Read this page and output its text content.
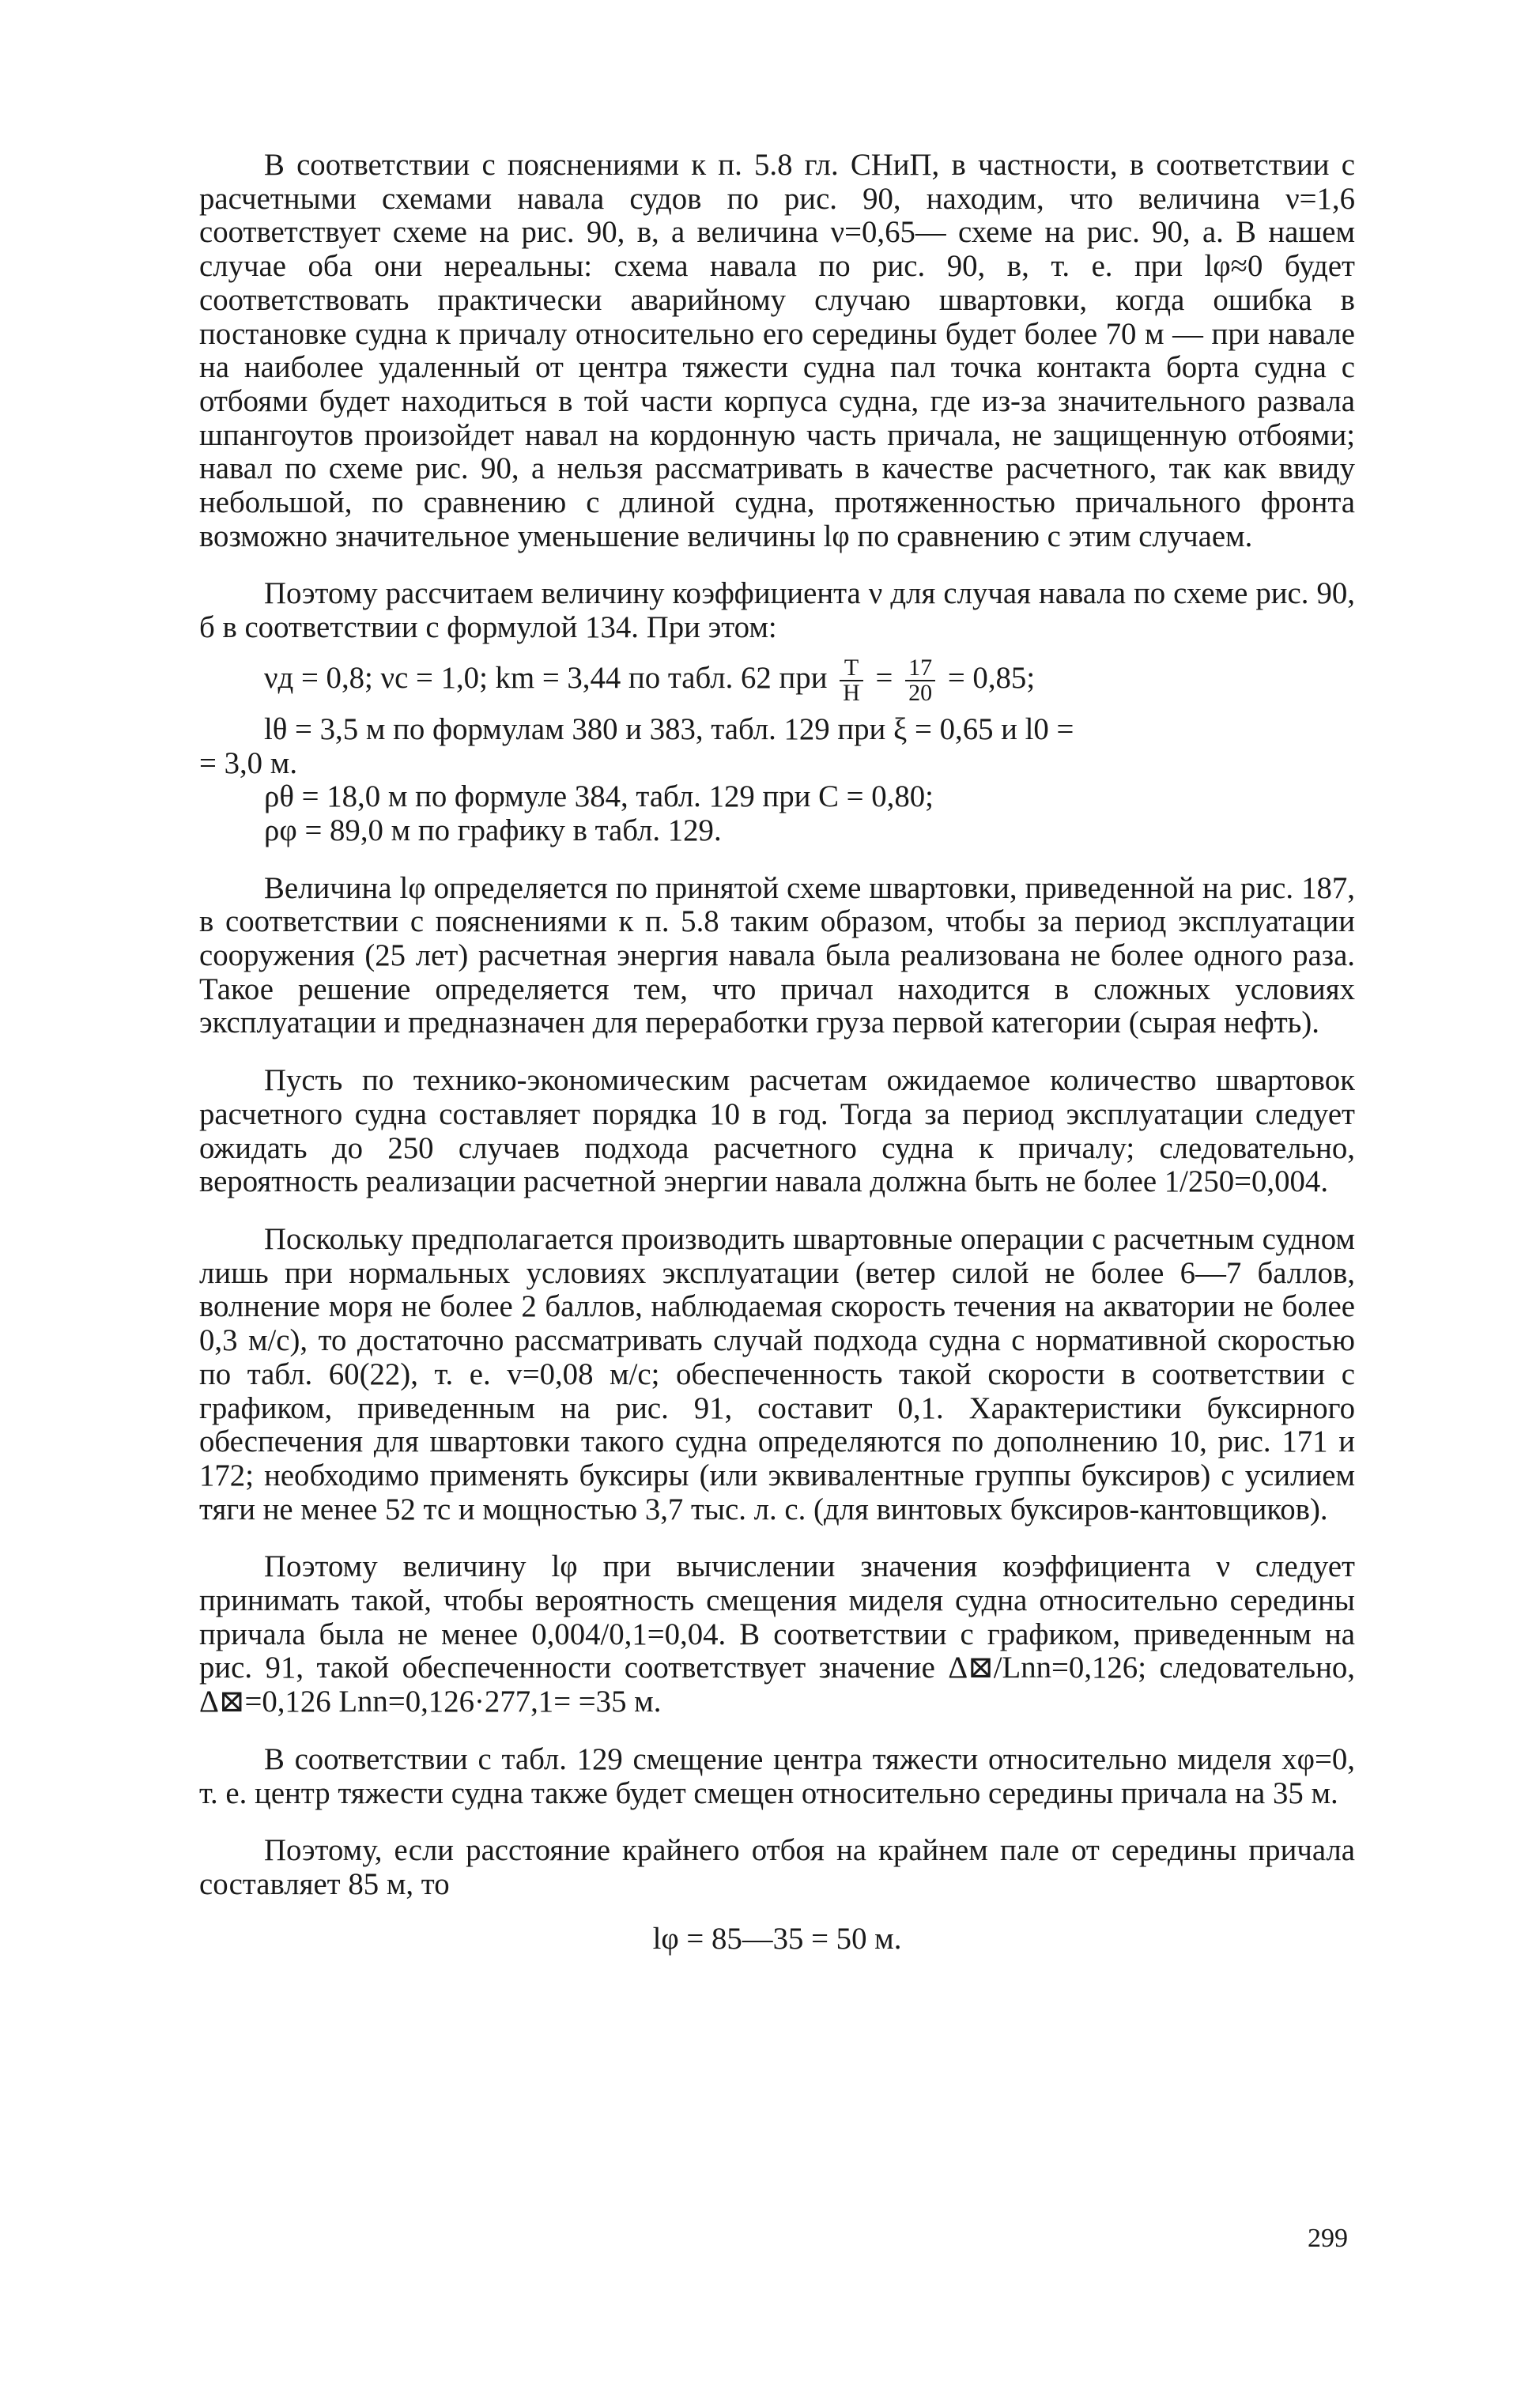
В соответствии с пояснениями к п. 5.8 гл. СНиП, в частности, в соответствии с расчетными схемами навала судов по рис. 90, находим, что величина ν=1,6 соответствует схеме на рис. 90, в, а величина ν=0,65— схеме на рис. 90, а. В нашем случае оба они нереальны: схема навала по рис. 90, в, т. е. при lφ≈0 будет соответствовать практически аварийному случаю швартовки, когда ошибка в постановке судна к причалу относительно его середины будет более 70 м — при навале на наиболее удаленный от центра тяжести судна пал точка контакта борта судна с отбоями будет находиться в той части корпуса судна, где из-за значительного развала шпангоутов произойдет навал на кордонную часть причала, не защищенную отбоями; навал по схеме рис. 90, а нельзя рассматривать в качестве расчетного, так как ввиду небольшой, по сравнению с длиной судна, протяженностью причального фронта возможно значительное уменьшение величины lφ по сравнению с этим случаем.

Поэтому рассчитаем величину коэффициента ν для случая навала по схеме рис. 90, б в соответствии с формулой 134. При этом:

νд = 0,8; νс = 1,0; km = 3,44 по табл. 62 при $\frac{T}{H} = \frac{17}{20} = 0,85$;
lθ = 3,5 м по формулам 380 и 383, табл. 129 при ξ = 0,65 и l0 =
= 3,0 м.
ρθ = 18,0 м по формуле 384, табл. 129 при C = 0,80;
ρφ = 89,0 м по графику в табл. 129.

Величина lφ определяется по принятой схеме швартовки, приведенной на рис. 187, в соответствии с пояснениями к п. 5.8 таким образом, чтобы за период эксплуатации сооружения (25 лет) расчетная энергия навала была реализована не более одного раза. Такое решение определяется тем, что причал находится в сложных условиях эксплуатации и предназначен для переработки груза первой категории (сырая нефть).

Пусть по технико-экономическим расчетам ожидаемое количество швартовок расчетного судна составляет порядка 10 в год. Тогда за период эксплуатации следует ожидать до 250 случаев подхода расчетного судна к причалу; следовательно, вероятность реализации расчетной энергии навала должна быть не более 1/250=0,004.

Поскольку предполагается производить швартовные операции с расчетным судном лишь при нормальных условиях эксплуатации (ветер силой не более 6—7 баллов, волнение моря не более 2 баллов, наблюдаемая скорость течения на акватории не более 0,3 м/с), то достаточно рассматривать случай подхода судна с нормативной скоростью по табл. 60(22), т. е. v=0,08 м/с; обеспеченность такой скорости в соответствии с графиком, приведенным на рис. 91, составит 0,1. Характеристики буксирного обеспечения для швартовки такого судна определяются по дополнению 10, рис. 171 и 172; необходимо применять буксиры (или эквивалентные группы буксиров) с усилием тяги не менее 52 тс и мощностью 3,7 тыс. л. с. (для винтовых буксиров-кантовщиков).

Поэтому величину lφ при вычислении значения коэффициента ν следует принимать такой, чтобы вероятность смещения миделя судна относительно середины причала была не менее 0,004/0,1=0,04. В соответствии с графиком, приведенным на рис. 91, такой обеспеченности соответствует значение Δ⊠/Lnn=0,126; следовательно, Δ⊠=0,126 Lnn=0,126·277,1= =35 м.

В соответствии с табл. 129 смещение центра тяжести относительно миделя xφ=0, т. е. центр тяжести судна также будет смещен относительно середины причала на 35 м.

Поэтому, если расстояние крайнего отбоя на крайнем пале от середины причала составляет 85 м, то

lφ = 85—35 = 50 м.
299
